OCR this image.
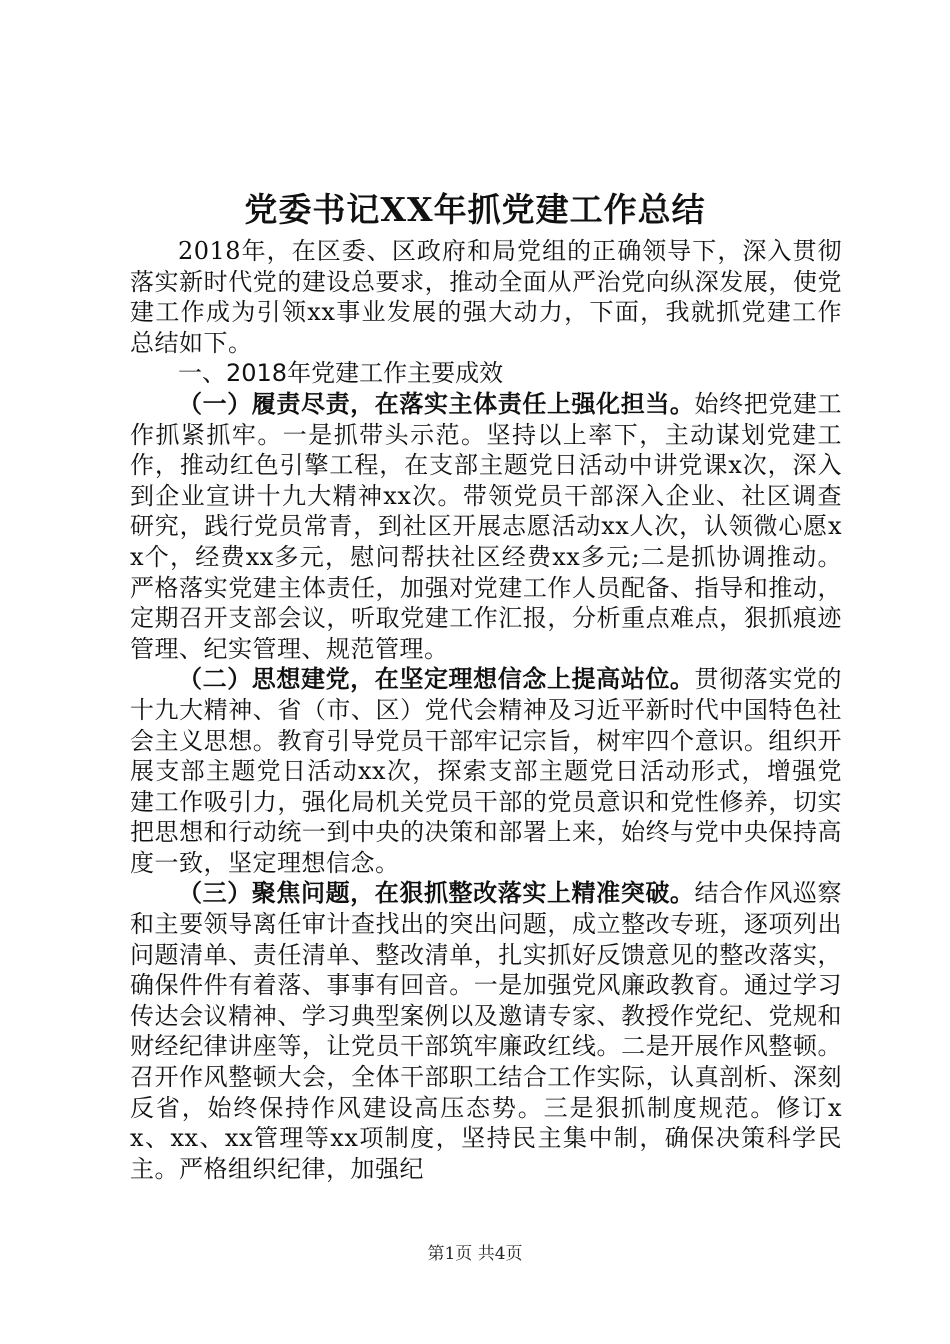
党委书记XX年抓党建工作总结

2018年，在区委、区政府和局党组的正确领导下，深入贯彻落实新时代党的建设总要求，推动全面从严治党向纵深发展，使党建工作成为引领xx事业发展的强大动力，下面，我就抓党建工作总结如下。

一、2018年党建工作主要成效

（一）履责尽责，在落实主体责任上强化担当。始终把党建工作抓紧抓牢。一是抓带头示范。坚持以上率下，主动谋划党建工作，推动红色引擎工程，在支部主题党日活动中讲党课x次，深入到企业宣讲十九大精神xx次。带领党员干部深入企业、社区调查研究，践行党员常青，到社区开展志愿活动xx人次，认领微心愿xx个，经费xx多元，慰问帮扶社区经费xx多元;二是抓协调推动。严格落实党建主体责任，加强对党建工作人员配备、指导和推动，定期召开支部会议，听取党建工作汇报，分析重点难点，狠抓痕迹管理、纪实管理、规范管理。

（二）思想建党，在坚定理想信念上提高站位。贯彻落实党的十九大精神、省（市、区）党代会精神及习近平新时代中国特色社会主义思想。教育引导党员干部牢记宗旨，树牢四个意识。组织开展支部主题党日活动xx次，探索支部主题党日活动形式，增强党建工作吸引力，强化局机关党员干部的党员意识和党性修养，切实把思想和行动统一到中央的决策和部署上来，始终与党中央保持高度一致，坚定理想信念。

（三）聚焦问题，在狠抓整改落实上精准突破。结合作风巡察和主要领导离任审计查找出的突出问题，成立整改专班，逐项列出问题清单、责任清单、整改清单，扎实抓好反馈意见的整改落实，确保件件有着落、事事有回音。一是加强党风廉政教育。通过学习传达会议精神、学习典型案例以及邀请专家、教授作党纪、党规和财经纪律讲座等，让党员干部筑牢廉政红线。二是开展作风整顿。召开作风整顿大会，全体干部职工结合工作实际，认真剖析、深刻反省，始终保持作风建设高压态势。三是狠抓制度规范。修订xx、xx、xx管理等xx项制度，坚持民主集中制，确保决策科学民主。严格组织纪律，加强纪

第1页 共4页
